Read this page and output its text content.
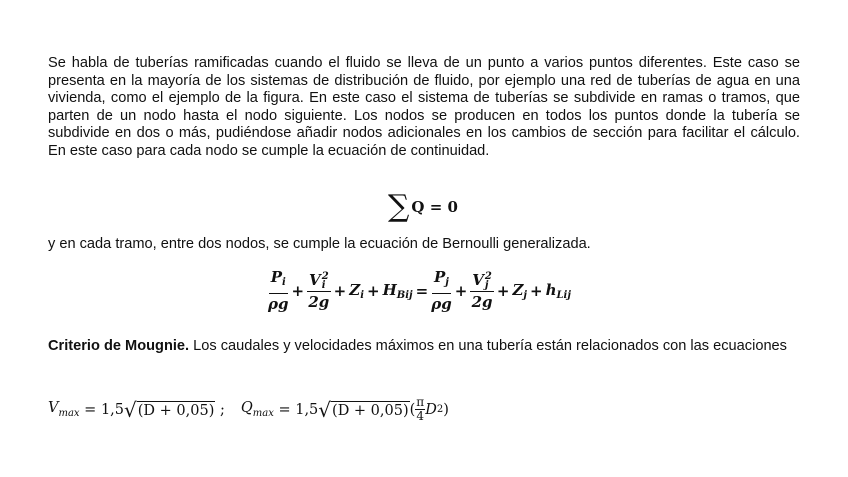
Se habla de tuberías ramificadas cuando el fluido se lleva de un punto a varios puntos diferentes. Este caso se presenta en la mayoría de los sistemas de distribución de fluido, por ejemplo una red de tuberías de agua en una vivienda, como el ejemplo de la figura. En este caso el sistema de tuberías se subdivide en ramas o tramos, que parten de un nodo hasta el nodo siguiente. Los nodos se producen en todos los puntos donde la tubería se subdivide en dos o más, pudiéndose añadir nodos adicionales en los cambios de sección para facilitar el cálculo. En este caso para cada nodo se cumple la ecuación de continuidad.

∑ Q = 0

y en cada tramo, entre dos nodos, se cumple la ecuación de Bernoulli generalizada.

$\frac{P_i}{\rho g} + V$ 2
i
$2g + Z_i + H_{Bij} = \frac{P_j}{\rho g} + V$ 2
j
$2g + Z_j + h_{Lij}$

Criterio de Mougnie. Los caudales y velocidades máximos en una tubería están relacionados con las ecuaciones

$V_{max} = 1,5$ √ (D + 0,05) ; $Q_{max} = 1,5$ √ (D + 0,05) ( $\frac{\pi}{4}$ D 2 )
